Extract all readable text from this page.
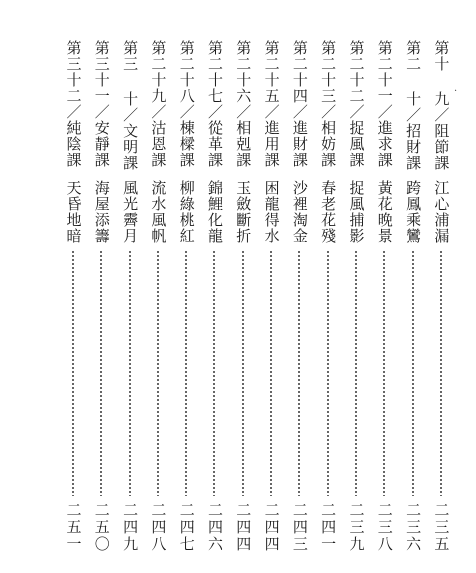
·
第十 九／阻節課
江心浦漏
二三五
第二 十／招財課
跨鳳乘鸞
二三六
第二十一／進求課
黃花晚景
二三八
第二十二／捉風課
捉風捕影
二三九
第二十三／相妨課
春老花殘
二四一
第二十四／進財課
沙裡淘金
二四三
第二十五／進用課
困龍得水
二四四
第二十六／相剋課
玉斂斷折
二四四
第二十七／從革課
錦鯉化龍
二四六
第二十八／棟樑課
柳綠桃紅
二四七
第二十九／沽恩課
流水風帆
二四八
第三 十／文明課
風光霽月
二四九
第三十一／安靜課
海屋添籌
二五〇
第三十二／純陰課
天昏地暗
二五一
